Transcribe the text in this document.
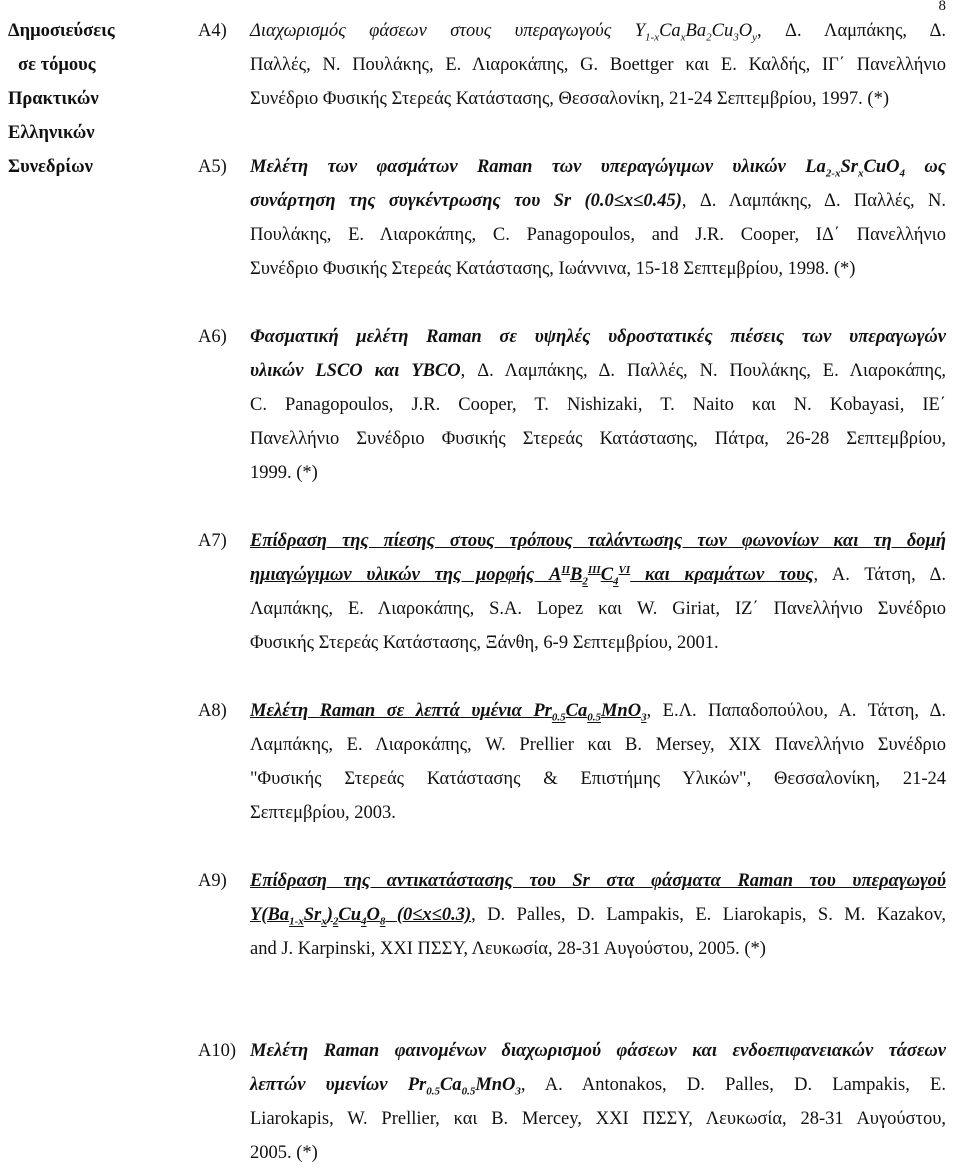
8
Δημοσιεύσεις
σε τόμους
Πρακτικών
Ελληνικών
Συνεδρίων
A4) Διαχωρισμός φάσεων στους υπεραγωγούς $Y_{1-x}Ca_xBa_2Cu_3O_y$, Δ. Λαμπάκης, Δ.
Παλλές, Ν. Πουλάκης, Ε. Λιαροκάπης, G. Boettger και Ε. Καλδής, ΙΓ΄ Πανελλήνιο
Συνέδριο Φυσικής Στερεάς Κατάστασης, Θεσσαλονίκη, 21-24 Σεπτεμβρίου, 1997. (*)
A5) Μελέτη των φασμάτων Raman των υπεραγώγιμων υλικών $La_{2-x}Sr_xCuO_4$ ως
συνάρτηση της συγκέντρωσης του Sr (0.0≤x≤0.45), Δ. Λαμπάκης, Δ. Παλλές, Ν.
Πουλάκης, Ε. Λιαροκάπης, C. Panagopoulos, and J.R. Cooper, ΙΔ΄ Πανελλήνιο
Συνέδριο Φυσικής Στερεάς Κατάστασης, Ιωάννινα, 15-18 Σεπτεμβρίου, 1998. (*)
A6) Φασματική μελέτη Raman σε υψηλές υδροστατικές πιέσεις των υπεραγωγών
υλικών LSCO και YBCO, Δ. Λαμπάκης, Δ. Παλλές, Ν. Πουλάκης, Ε. Λιαροκάπης,
C. Panagopoulos, J.R. Cooper, T. Nishizaki, T. Naito και N. Kobayasi, ΙΕ΄
Πανελλήνιο Συνέδριο Φυσικής Στερεάς Κατάστασης, Πάτρα, 26-28 Σεπτεμβρίου,
1999. (*)
A7) Επίδραση της πίεσης στους τρόπους ταλάντωσης των φωνονίων και τη δομή
ημιαγώγιμων υλικών της μορφής $A^{II}B_2^{III}C_4^{VI}$ και κραμάτων τους, Α. Τάτση, Δ.
Λαμπάκης, Ε. Λιαροκάπης, S.A. Lopez και W. Giriat, ΙΖ΄ Πανελλήνιο Συνέδριο
Φυσικής Στερεάς Κατάστασης, Ξάνθη, 6-9 Σεπτεμβρίου, 2001.
A8) Μελέτη Raman σε λεπτά υμένια $Pr_{0.5}Ca_{0.5}MnO_3$, Ε.Λ. Παπαδοπούλου, Α. Τάτση, Δ.
Λαμπάκης, Ε. Λιαροκάπης, W. Prellier και B. Mersey, ΧΙΧ Πανελλήνιο Συνέδριο
"Φυσικής Στερεάς Κατάστασης & Επιστήμης Υλικών", Θεσσαλονίκη, 21-24
Σεπτεμβρίου, 2003.
A9) Επίδραση της αντικατάστασης του Sr στα φάσματα Raman του υπεραγωγού
$Y(Ba_{1-x}Sr_x)_2Cu_4O_8$ (0≤x≤0.3), D. Palles, D. Lampakis, E. Liarokapis, S. M. Kazakov,
and J. Karpinski, ΧΧΙ ΠΣΣΥ, Λευκωσία, 28-31 Αυγούστου, 2005. (*)
A10) Μελέτη Raman φαινομένων διαχωρισμού φάσεων και ενδοεπιφανειακών τάσεων
λεπτών υμενίων $Pr_{0.5}Ca_{0.5}MnO_3$, A. Antonakos, D. Palles, D. Lampakis, E.
Liarokapis, W. Prellier, και B. Mercey, ΧΧΙ ΠΣΣΥ, Λευκωσία, 28-31 Αυγούστου,
2005. (*)
